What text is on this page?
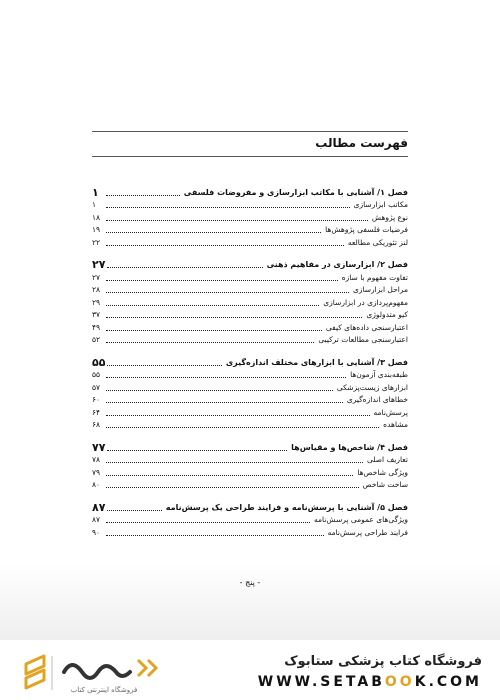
فهرست مطالب
فصل ۱/ آشنایی با مکاتب ابزارسازی و مفروضات فلسفی
۱
مکاتب ابزارسازی
۱
نوع پژوهش
۱۸
فرضیات فلسفی پژوهش‌ها
۱۹
لنز تئوریکی مطالعه
۲۲
فصل ۲/ ابزارسازی در مفاهیم ذهنی
۲۷
تفاوت مفهوم با سازه
۲۷
مراحل ابزارسازی
۲۸
مفهوم‌پردازی در ابزارسازی
۲۹
کیو متدولوژی
۳۷
اعتبارسنجی داده‌های کیفی
۴۹
اعتبارسنجی مطالعات ترکیبی
۵۲
فصل ۳/ آشنایی با ابزارهای مختلف اندازه‌گیری
۵۵
طبقه‌بندی آزمون‌ها
۵۵
ابزارهای زیست‌پزشکی
۵۷
خطاهای اندازه‌گیری
۶۰
پرسش‌نامه
۶۴
مشاهده
۶۸
فصل ۴/ شاخص‌ها و مقیاس‌ها
۷۷
تعاریف اصلی
۷۸
ویژگی شاخص‌ها
۷۹
ساخت شاخص
۸۰
فصل ۵/ آشنایی با پرسش‌نامه و فرایند طراحی یک پرسش‌نامه
۸۷
ویژگی‌های عمومی پرسش‌نامه
۸۷
فرایند طراحی پرسش‌نامه
۹۰
- پنج -
فروشگاه اینترنتی کتاب
فروشگاه کتاب پزشکی ستابوک
WWW.SETABOOK.COM
